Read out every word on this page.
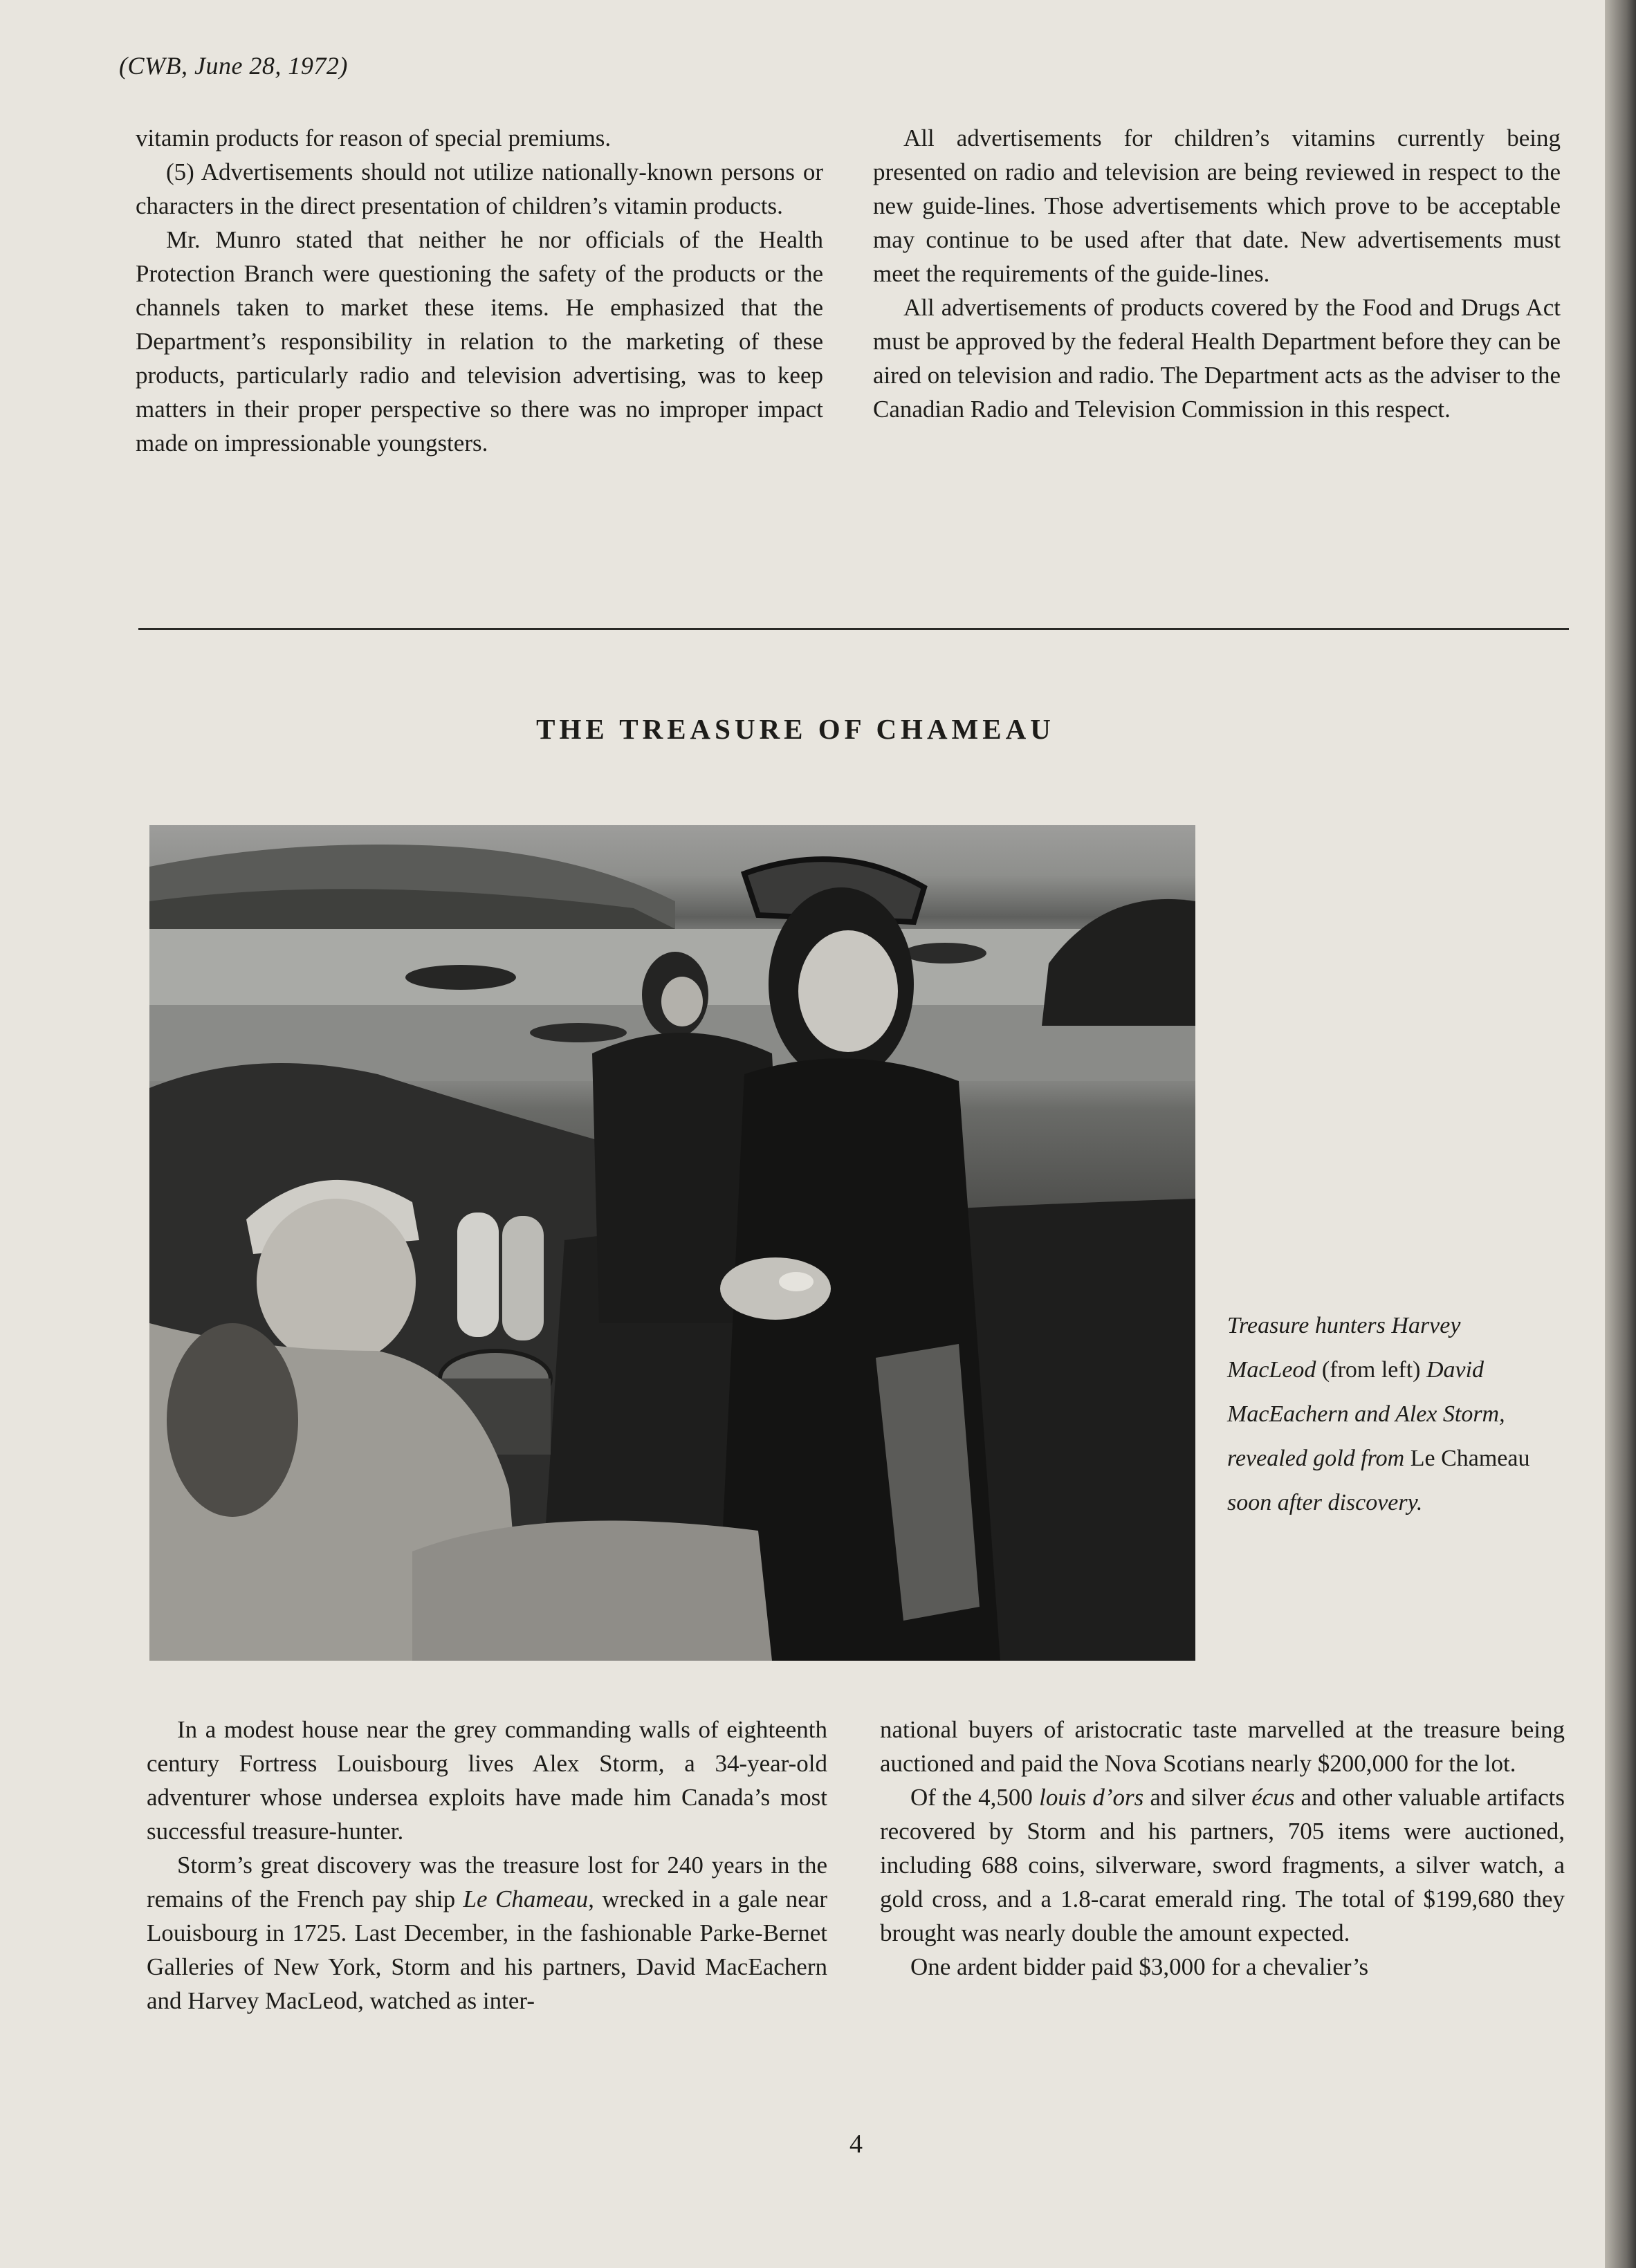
(CWB, June 28, 1972)

vitamin products for reason of special premiums.

(5) Advertisements should not utilize nationally-known persons or characters in the direct presentation of children’s vitamin products.

Mr. Munro stated that neither he nor officials of the Health Protection Branch were questioning the safety of the products or the channels taken to market these items. He emphasized that the Department’s responsibility in relation to the marketing of these products, particularly radio and television advertising, was to keep matters in their proper perspective so there was no improper impact made on impressionable youngsters.

All advertisements for children’s vitamins currently being presented on radio and television are being reviewed in respect to the new guide-lines. Those advertisements which prove to be acceptable may continue to be used after that date. New advertisements must meet the requirements of the guide-lines.

All advertisements of products covered by the Food and Drugs Act must be approved by the federal Health Department before they can be aired on television and radio. The Department acts as the adviser to the Canadian Radio and Television Commission in this respect.

THE TREASURE OF CHAMEAU
Treasure hunters Harvey MacLeod (from left) David MacEachern and Alex Storm, revealed gold from Le Chameau soon after discovery.

In a modest house near the grey commanding walls of eighteenth century Fortress Louisbourg lives Alex Storm, a 34-year-old adventurer whose undersea exploits have made him Canada’s most successful treasure-hunter.

Storm’s great discovery was the treasure lost for 240 years in the remains of the French pay ship Le Chameau, wrecked in a gale near Louisbourg in 1725. Last December, in the fashionable Parke-Bernet Galleries of New York, Storm and his partners, David MacEachern and Harvey MacLeod, watched as inter-

national buyers of aristocratic taste marvelled at the treasure being auctioned and paid the Nova Scotians nearly $200,000 for the lot.

Of the 4,500 louis d’ors and silver écus and other valuable artifacts recovered by Storm and his partners, 705 items were auctioned, including 688 coins, silverware, sword fragments, a silver watch, a gold cross, and a 1.8-carat emerald ring. The total of $199,680 they brought was nearly double the amount expected.

One ardent bidder paid $3,000 for a chevalier’s

4
